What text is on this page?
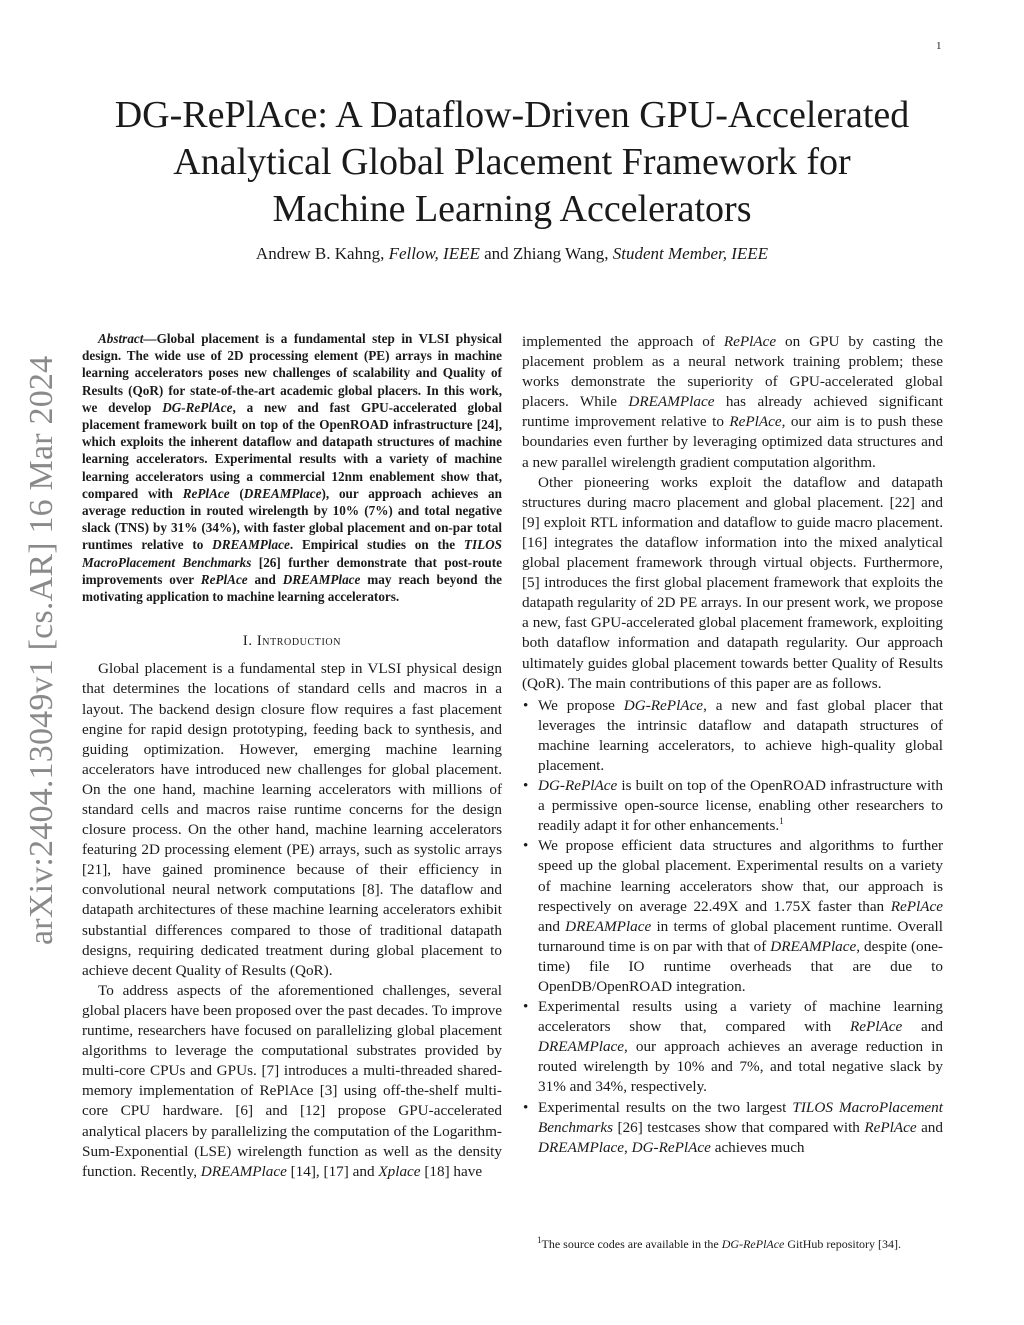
1
arXiv:2404.13049v1 [cs.AR] 16 Mar 2024
DG-RePlAce: A Dataflow-Driven GPU-Accelerated
Analytical Global Placement Framework for
Machine Learning Accelerators
Andrew B. Kahng, Fellow, IEEE and Zhiang Wang, Student Member, IEEE

Abstract—Global placement is a fundamental step in VLSI physical design. The wide use of 2D processing element (PE) arrays in machine learning accelerators poses new challenges of scalability and Quality of Results (QoR) for state-of-the-art academic global placers. In this work, we develop DG-RePlAce, a new and fast GPU-accelerated global placement framework built on top of the OpenROAD infrastructure [24], which exploits the inherent dataflow and datapath structures of machine learning accelerators. Experimental results with a variety of machine learning accelerators using a commercial 12nm enablement show that, compared with RePlAce (DREAMPlace), our approach achieves an average reduction in routed wirelength by 10% (7%) and total negative slack (TNS) by 31% (34%), with faster global placement and on-par total runtimes relative to DREAMPlace. Empirical studies on the TILOS MacroPlacement Benchmarks [26] further demonstrate that post-route improvements over RePlAce and DREAMPlace may reach beyond the motivating application to machine learning accelerators.

I. Introduction

Global placement is a fundamental step in VLSI physical design that determines the locations of standard cells and macros in a layout. The backend design closure flow requires a fast placement engine for rapid design prototyping, feeding back to synthesis, and guiding optimization. However, emerging machine learning accelerators have introduced new challenges for global placement. On the one hand, machine learning accelerators with millions of standard cells and macros raise runtime concerns for the design closure process. On the other hand, machine learning accelerators featuring 2D processing element (PE) arrays, such as systolic arrays [21], have gained prominence because of their efficiency in convolutional neural network computations [8]. The dataflow and datapath architectures of these machine learning accelerators exhibit substantial differences compared to those of traditional datapath designs, requiring dedicated treatment during global placement to achieve decent Quality of Results (QoR).

To address aspects of the aforementioned challenges, several global placers have been proposed over the past decades. To improve runtime, researchers have focused on parallelizing global placement algorithms to leverage the computational substrates provided by multi-core CPUs and GPUs. [7] introduces a multi-threaded shared-memory implementation of RePlAce [3] using off-the-shelf multi-core CPU hardware. [6] and [12] propose GPU-accelerated analytical placers by parallelizing the computation of the Logarithm-Sum-Exponential (LSE) wirelength function as well as the density function. Recently, DREAMPlace [14], [17] and Xplace [18] have

implemented the approach of RePlAce on GPU by casting the placement problem as a neural network training problem; these works demonstrate the superiority of GPU-accelerated global placers. While DREAMPlace has already achieved significant runtime improvement relative to RePlAce, our aim is to push these boundaries even further by leveraging optimized data structures and a new parallel wirelength gradient computation algorithm.

Other pioneering works exploit the dataflow and datapath structures during macro placement and global placement. [22] and [9] exploit RTL information and dataflow to guide macro placement. [16] integrates the dataflow information into the mixed analytical global placement framework through virtual objects. Furthermore, [5] introduces the first global placement framework that exploits the datapath regularity of 2D PE arrays. In our present work, we propose a new, fast GPU-accelerated global placement framework, exploiting both dataflow information and datapath regularity. Our approach ultimately guides global placement towards better Quality of Results (QoR). The main contributions of this paper are as follows.

• We propose DG-RePlAce, a new and fast global placer that leverages the intrinsic dataflow and datapath structures of machine learning accelerators, to achieve high-quality global placement.
• DG-RePlAce is built on top of the OpenROAD infrastructure with a permissive open-source license, enabling other researchers to readily adapt it for other enhancements.$^1$
• We propose efficient data structures and algorithms to further speed up the global placement. Experimental results on a variety of machine learning accelerators show that, our approach is respectively on average 22.49X and 1.75X faster than RePlAce and DREAMPlace in terms of global placement runtime. Overall turnaround time is on par with that of DREAMPlace, despite (one-time) file IO runtime overheads that are due to OpenDB/OpenROAD integration.
• Experimental results using a variety of machine learning accelerators show that, compared with RePlAce and DREAMPlace, our approach achieves an average reduction in routed wirelength by 10% and 7%, and total negative slack by 31% and 34%, respectively.
• Experimental results on the two largest TILOS MacroPlacement Benchmarks [26] testcases show that compared with RePlAce and DREAMPlace, DG-RePlAce achieves much
$^1$The source codes are available in the DG-RePlAce GitHub repository [34].
